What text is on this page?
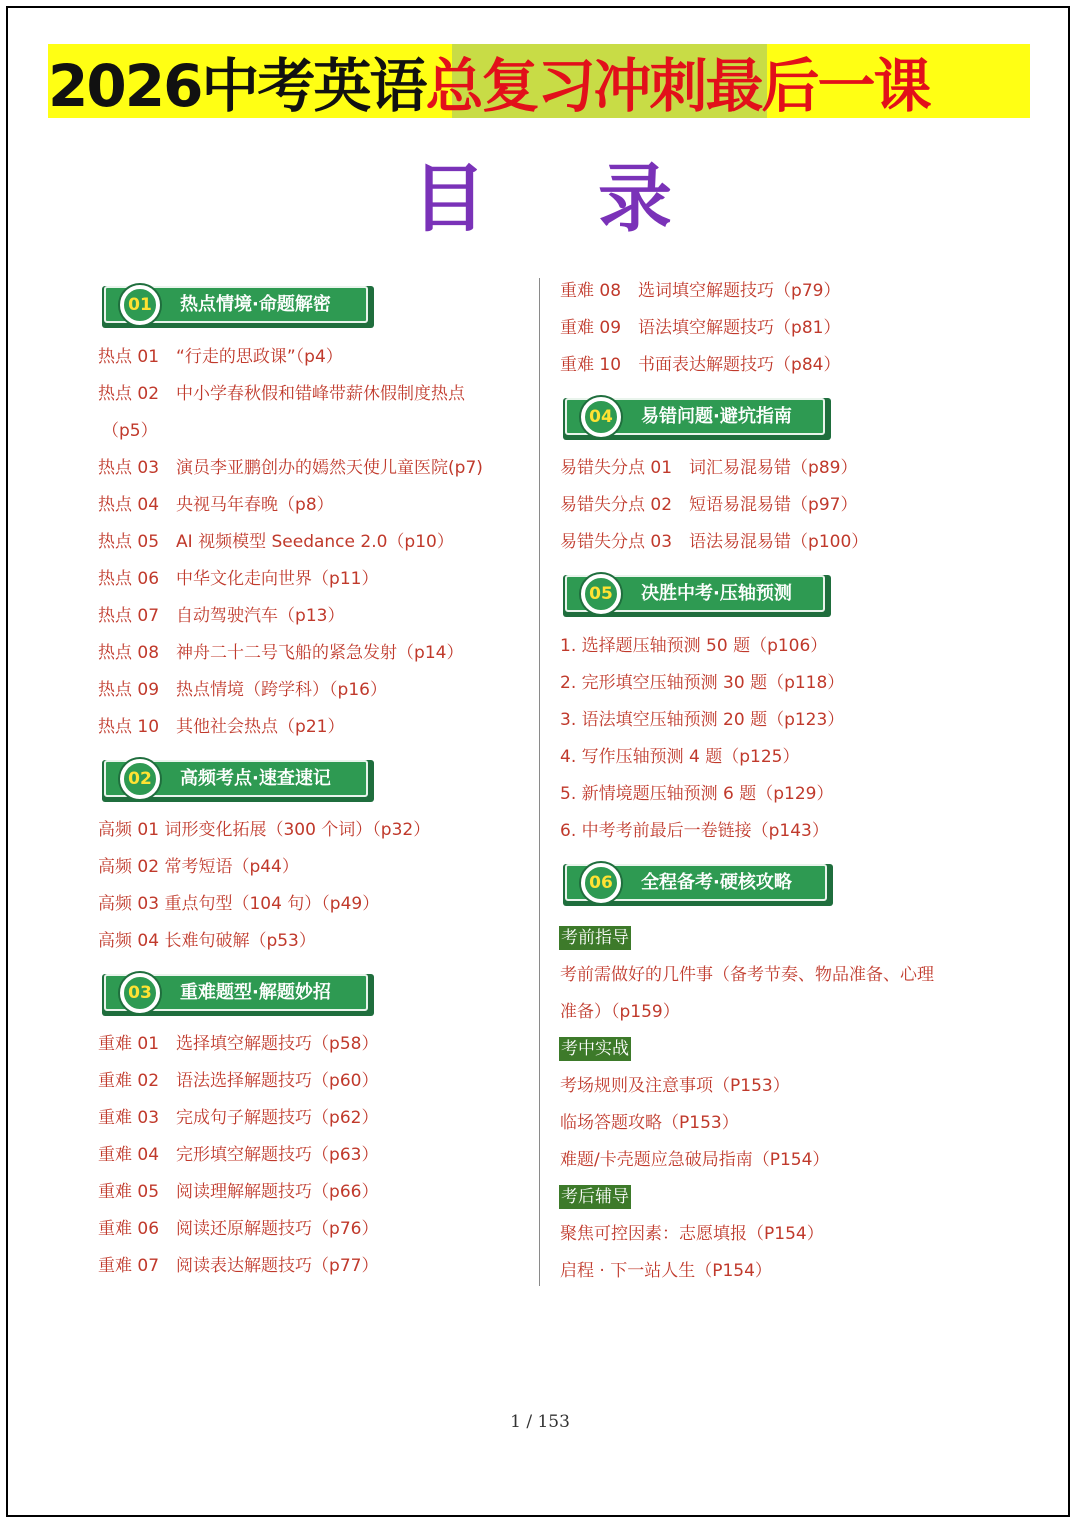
2026中考英语 总复习冲刺 最后一课
目 录
01	热点情境·命题解密
热点 01　“行走的思政课”（p4）
热点 02　中小学春秋假和错峰带薪休假制度热点
（p5）
热点 03　演员李亚鹏创办的嫣然天使儿童医院(p7)
热点 04　央视马年春晚（p8）
热点 05　AI 视频模型 Seedance 2.0（p10）
热点 06　中华文化走向世界（p11）
热点 07　自动驾驶汽车（p13）
热点 08　神舟二十二号飞船的紧急发射（p14）
热点 09　热点情境（跨学科）（p16）
热点 10　其他社会热点（p21）
02	高频考点·速查速记
高频 01 词形变化拓展（300 个词）（p32）
高频 02 常考短语（p44）
高频 03 重点句型（104 句）（p49）
高频 04 长难句破解（p53）
03	重难题型·解题妙招
重难 01　选择填空解题技巧（p58）
重难 02　语法选择解题技巧（p60）
重难 03　完成句子解题技巧（p62）
重难 04　完形填空解题技巧（p63）
重难 05　阅读理解解题技巧（p66）
重难 06　阅读还原解题技巧（p76）
重难 07　阅读表达解题技巧（p77）
重难 08　选词填空解题技巧（p79）
重难 09　语法填空解题技巧（p81）
重难 10　书面表达解题技巧（p84）
04	易错问题·避坑指南
易错失分点 01　词汇易混易错（p89）
易错失分点 02　短语易混易错（p97）
易错失分点 03　语法易混易错（p100）
05	决胜中考·压轴预测
1. 选择题压轴预测 50 题（p106）
2. 完形填空压轴预测 30 题（p118）
3. 语法填空压轴预测 20 题（p123）
4. 写作压轴预测 4 题（p125）
5. 新情境题压轴预测 6 题（p129）
6. 中考考前最后一卷链接（p143）
06	全程备考·硬核攻略
考前指导
考前需做好的几件事（备考节奏、物品准备、心理
准备）（p159）
考中实战
考场规则及注意事项（P153）
临场答题攻略（P153）
难题/卡壳题应急破局指南（P154）
考后辅导
聚焦可控因素：志愿填报（P154）
启程 · 下一站人生（P154）
1 / 153
